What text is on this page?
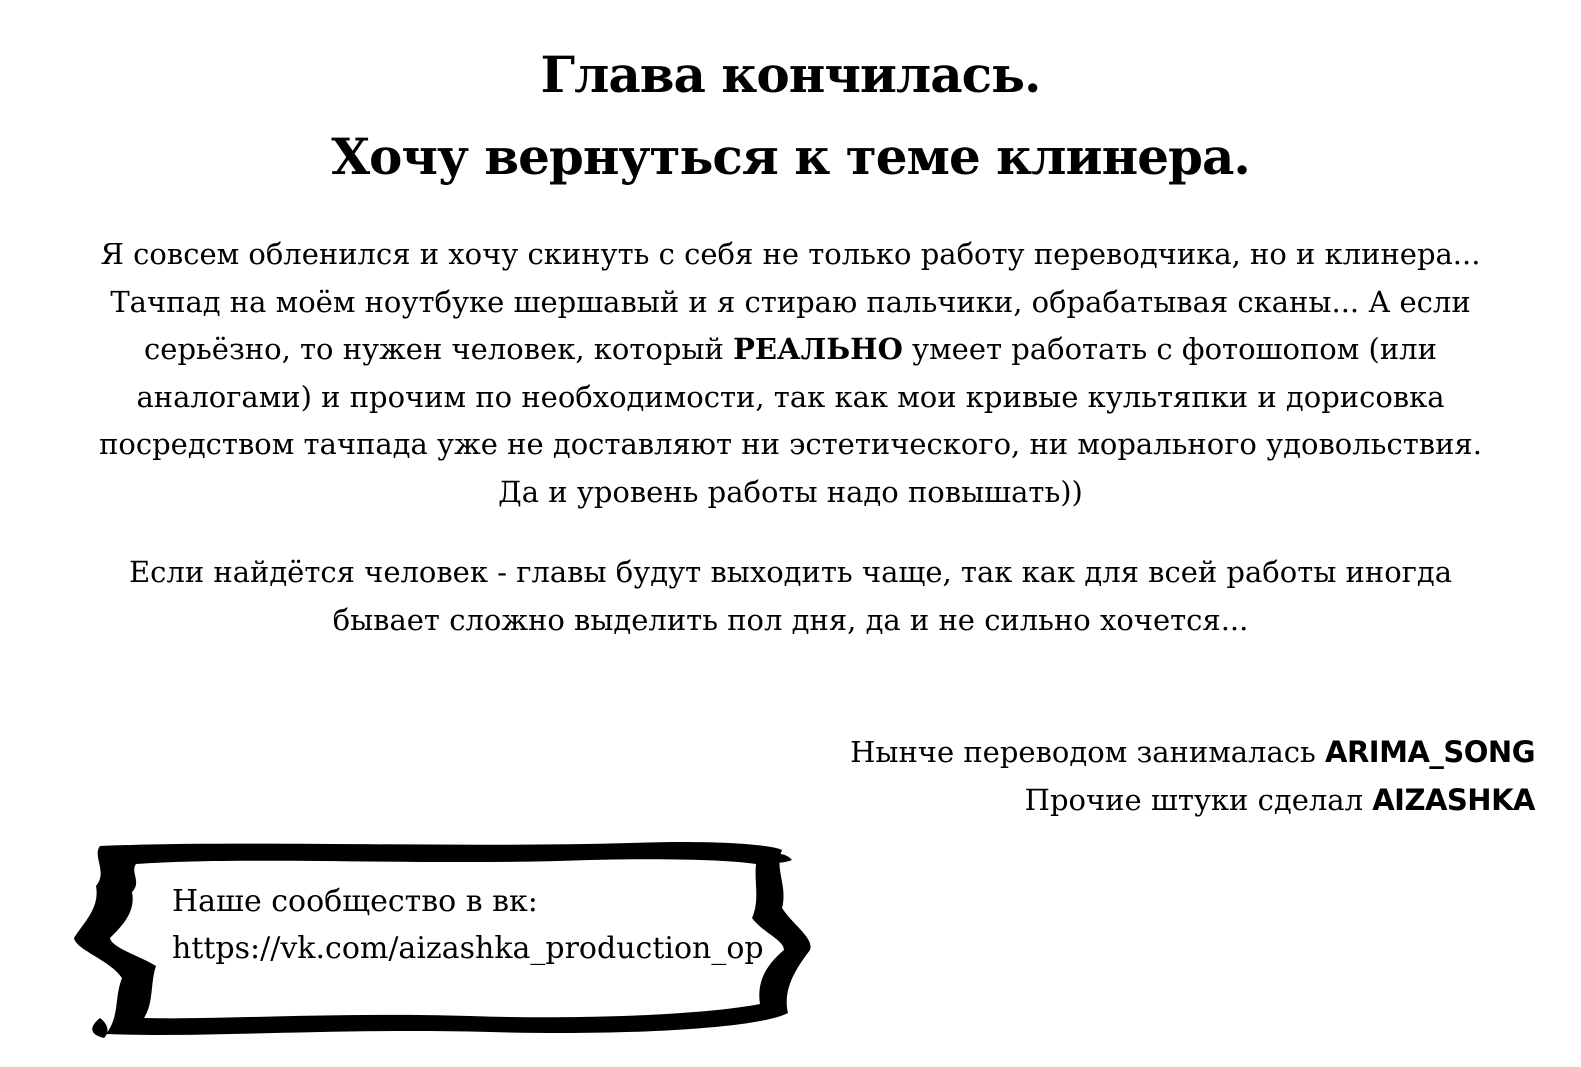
Глава кончилась.
Хочу вернуться к теме клинера.

Я совсем обленился и хочу скинуть с себя не только работу переводчика, но и клинера...
Тачпад на моём ноутбуке шершавый и я стираю пальчики, обрабатывая сканы... А если
серьёзно, то нужен человек, который РЕАЛЬНО умеет работать с фотошопом (или
аналогами) и прочим по необходимости, так как мои кривые культяпки и дорисовка
посредством тачпада уже не доставляют ни эстетического, ни морального удовольствия.
Да и уровень работы надо повышать))

Если найдётся человек - главы будут выходить чаще, так как для всей работы иногда
бывает сложно выделить пол дня, да и не сильно хочется...

Нынче переводом занималась ARIMA_SONG
Прочие штуки сделал AIZASHKA
Наше сообщество в вк:
https://vk.com/aizashka_production_op
